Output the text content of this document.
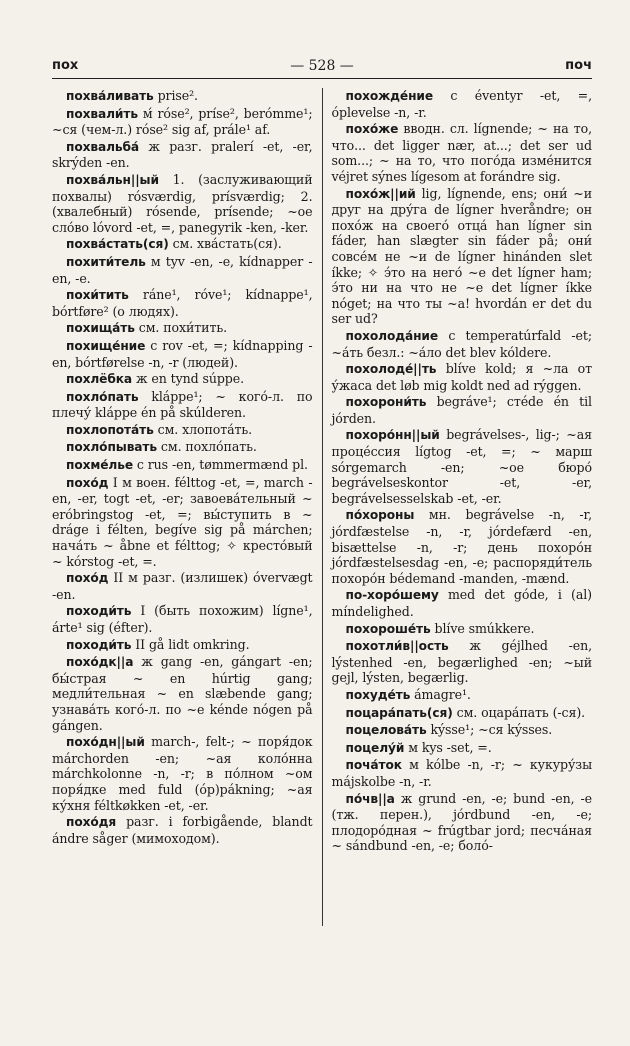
пох	— 528 —	поч

похва́ливать prise².

похвали́ть м́ róse², príse², berómme¹; ~ся (чем-л.) róse² sig af, prále¹ af.

похвальба́ ж разг. pralerí -et, -er, skrýden -en.

похва́льн||ый 1. (заслуживающий похвалы) rósværdig, prísværdig; 2. (хвалебный) rósende, prísende; ~ое сло́во lóvord -et, =, panegyrik -ken, -ker.

похва́стать(ся) см. хва́стать(ся).

похити́тель м tyv -en, -e, kídnapper -en, -e.

похи́тить ráne¹, róve¹; kídnappe¹, bórtføre² (о людях).

похища́ть см. похи́тить.

похище́ние с rov -et, =; kídnapping -en, bórtførelse -n, -r (людей).

похлёбка ж en tynd súppe.

похло́пать klápре¹; ~ кого́-л. по плечу́ klápре én på skúlderen.

похлопота́ть см. хлопота́ть.

похло́пывать см. похло́пать.

похме́лье с rus -en, tømmermænd pl.

похо́д I м воен. félttog -et, =, march -en, -er, togt -et, -er; завоева́тельный ~ eróbringstog -et, =; вы́ступить в ~ dráge i félten, begíve sig på márchen; нача́ть ~ åbne et félttog; ✧ кресто́вый ~ kórstog -et, =.

похо́д II м разг. (излишек) óvervægt -en.

походи́ть I (быть похожим) lígne¹, árte¹ sig (éfter).

походи́ть II gå lidt omkring.

похо́дк||а ж gang -en, gángart -en; бы́страя ~ en húrtig gang; медли́тельная ~ en slæbende gang; узнава́ть кого́-л. по ~е kénde nógen på gángen.

похо́дн||ый march-, felt-; ~ поря́док márchorden -en; ~ая коло́нна márchkolonne -n, -r; в по́лном ~ом поря́дке med fuld (óp)pákning; ~ая ку́хня féltkøkken -et, -er.

похо́дя разг. i forbigående, blandt ándre såger (мимоходом).

похожде́ние с éventyr -et, =, óplevelse -n, -r.

похо́же вводн. сл. lígnende; ~ на то, что... det ligger nær, at...; det ser ud som...; ~ на то, что пого́да изме́нится véjret sýnes lígesom at forándre sig.

похо́ж||ий lig, lígnende, ens; они́ ~и друг на дру́га de lígner hveråndre; он похо́ж на своего́ отца́ han lígner sin fáder, han slægter sin fáder på; они́ совсе́м не ~и de lígner hinánden slet íkke; ✧ э́то на него́ ~е det lígner ham; э́то ни на что не ~е det lígner íkke nóget; на что ты ~а! hvordán er det du ser ud?

похолода́ние с temperatúrfald -et; ~а́ть безл.: ~а́ло det blev kóldere.

похолоде́||ть blíve kold; я ~ла от у́жаса det løb mig koldt ned ad rýggen.

похорони́ть begráve¹; стéde én til jórden.

похоро́нн||ый begrávelses-, lig-; ~ая проце́ссия lígtog -et, =; ~ марш sórgemarch -en; ~ое бюро́ begrávelseskontor -et, -er, begrávelsesselskab -et, -er.

по́хороны мн. begrávelse -n, -r, jórdfæstelse -n, -r, jórdefærd -en, bisættelse -n, -r; день похоро́н jórdfæstelsesdag -en, -e; распоряди́тель похоро́н bédemand -manden, -mænd.

по-хоро́шему med det góde, i (al) míndelighed.

похороше́ть blíve smúkkere.

похотли́в||ость ж géjlhed -en, lýstenhed -en, begærlighed -en; ~ый gejl, lýsten, begærlig.

похуде́ть ámagre¹.

поцара́пать(ся) см. оцара́пать (-ся).

поцелова́ть kýsse¹; ~ся kýsses.

поцелу́й м kys -set, =.

поча́ток м kólbe -n, -r; ~ кукуру́зы májskolbe -n, -r.

по́чв||а ж grund -en, -e; bund -en, -e (тж. перен.), jórdbund -en, -e; плодоро́дная ~ frúgtbar jord; песча́ная ~ sándbund -en, -e; боло́-
